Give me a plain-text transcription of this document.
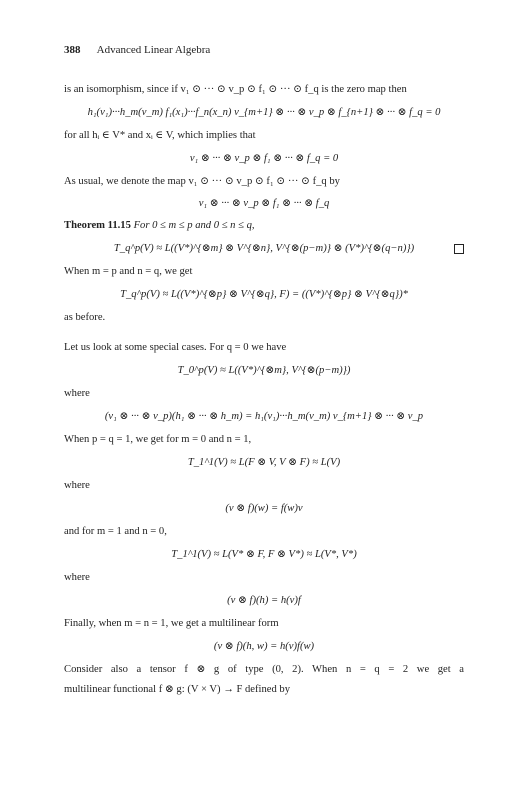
388 Advanced Linear Algebra
is an isomorphism, since if v₁ ⊙ ··· ⊙ v_p ⊙ f₁ ⊙ ··· ⊙ f_q is the zero map then
h₁(v₁)···h_m(v_m) f₁(x₁)···f_n(x_n) v_{m+1} ⊗ ··· ⊗ v_p ⊗ f_{n+1} ⊗ ··· ⊗ f_q = 0
for all hᵢ ∈ V* and xᵢ ∈ V, which implies that
v₁ ⊗ ··· ⊗ v_p ⊗ f₁ ⊗ ··· ⊗ f_q = 0
As usual, we denote the map v₁ ⊙ ··· ⊙ v_p ⊙ f₁ ⊙ ··· ⊙ f_q by
v₁ ⊗ ··· ⊗ v_p ⊗ f₁ ⊗ ··· ⊗ f_q
Theorem 11.15 For 0 ≤ m ≤ p and 0 ≤ n ≤ q,
T_q^p(V) ≈ L((V*)^{⊗m} ⊗ V^{⊗n}, V^{⊗(p−m)} ⊗ (V*)^{⊗(q−n)})
When m = p and n = q, we get
T_q^p(V) ≈ L((V*)^{⊗p} ⊗ V^{⊗q}, F) = ((V*)^{⊗p} ⊗ V^{⊗q})*
as before.
Let us look at some special cases. For q = 0 we have
T_0^p(V) ≈ L((V*)^{⊗m}, V^{⊗(p−m)})
where
(v₁ ⊗ ··· ⊗ v_p)(h₁ ⊗ ··· ⊗ h_m) = h₁(v₁)···h_m(v_m) v_{m+1} ⊗ ··· ⊗ v_p
When p = q = 1, we get for m = 0 and n = 1,
T_1^1(V) ≈ L(F ⊗ V, V ⊗ F) ≈ L(V)
where
(v ⊗ f)(w) = f(w)v
and for m = 1 and n = 0,
T_1^1(V) ≈ L(V* ⊗ F, F ⊗ V*) ≈ L(V*, V*)
where
(v ⊗ f)(h) = h(v)f
Finally, when m = n = 1, we get a multilinear form
(v ⊗ f)(h, w) = h(v)f(w)
Consider also a tensor f ⊗ g of type (0, 2). When n = q = 2 we get a
multilinear functional f ⊗ g: (V × V) → F defined by
